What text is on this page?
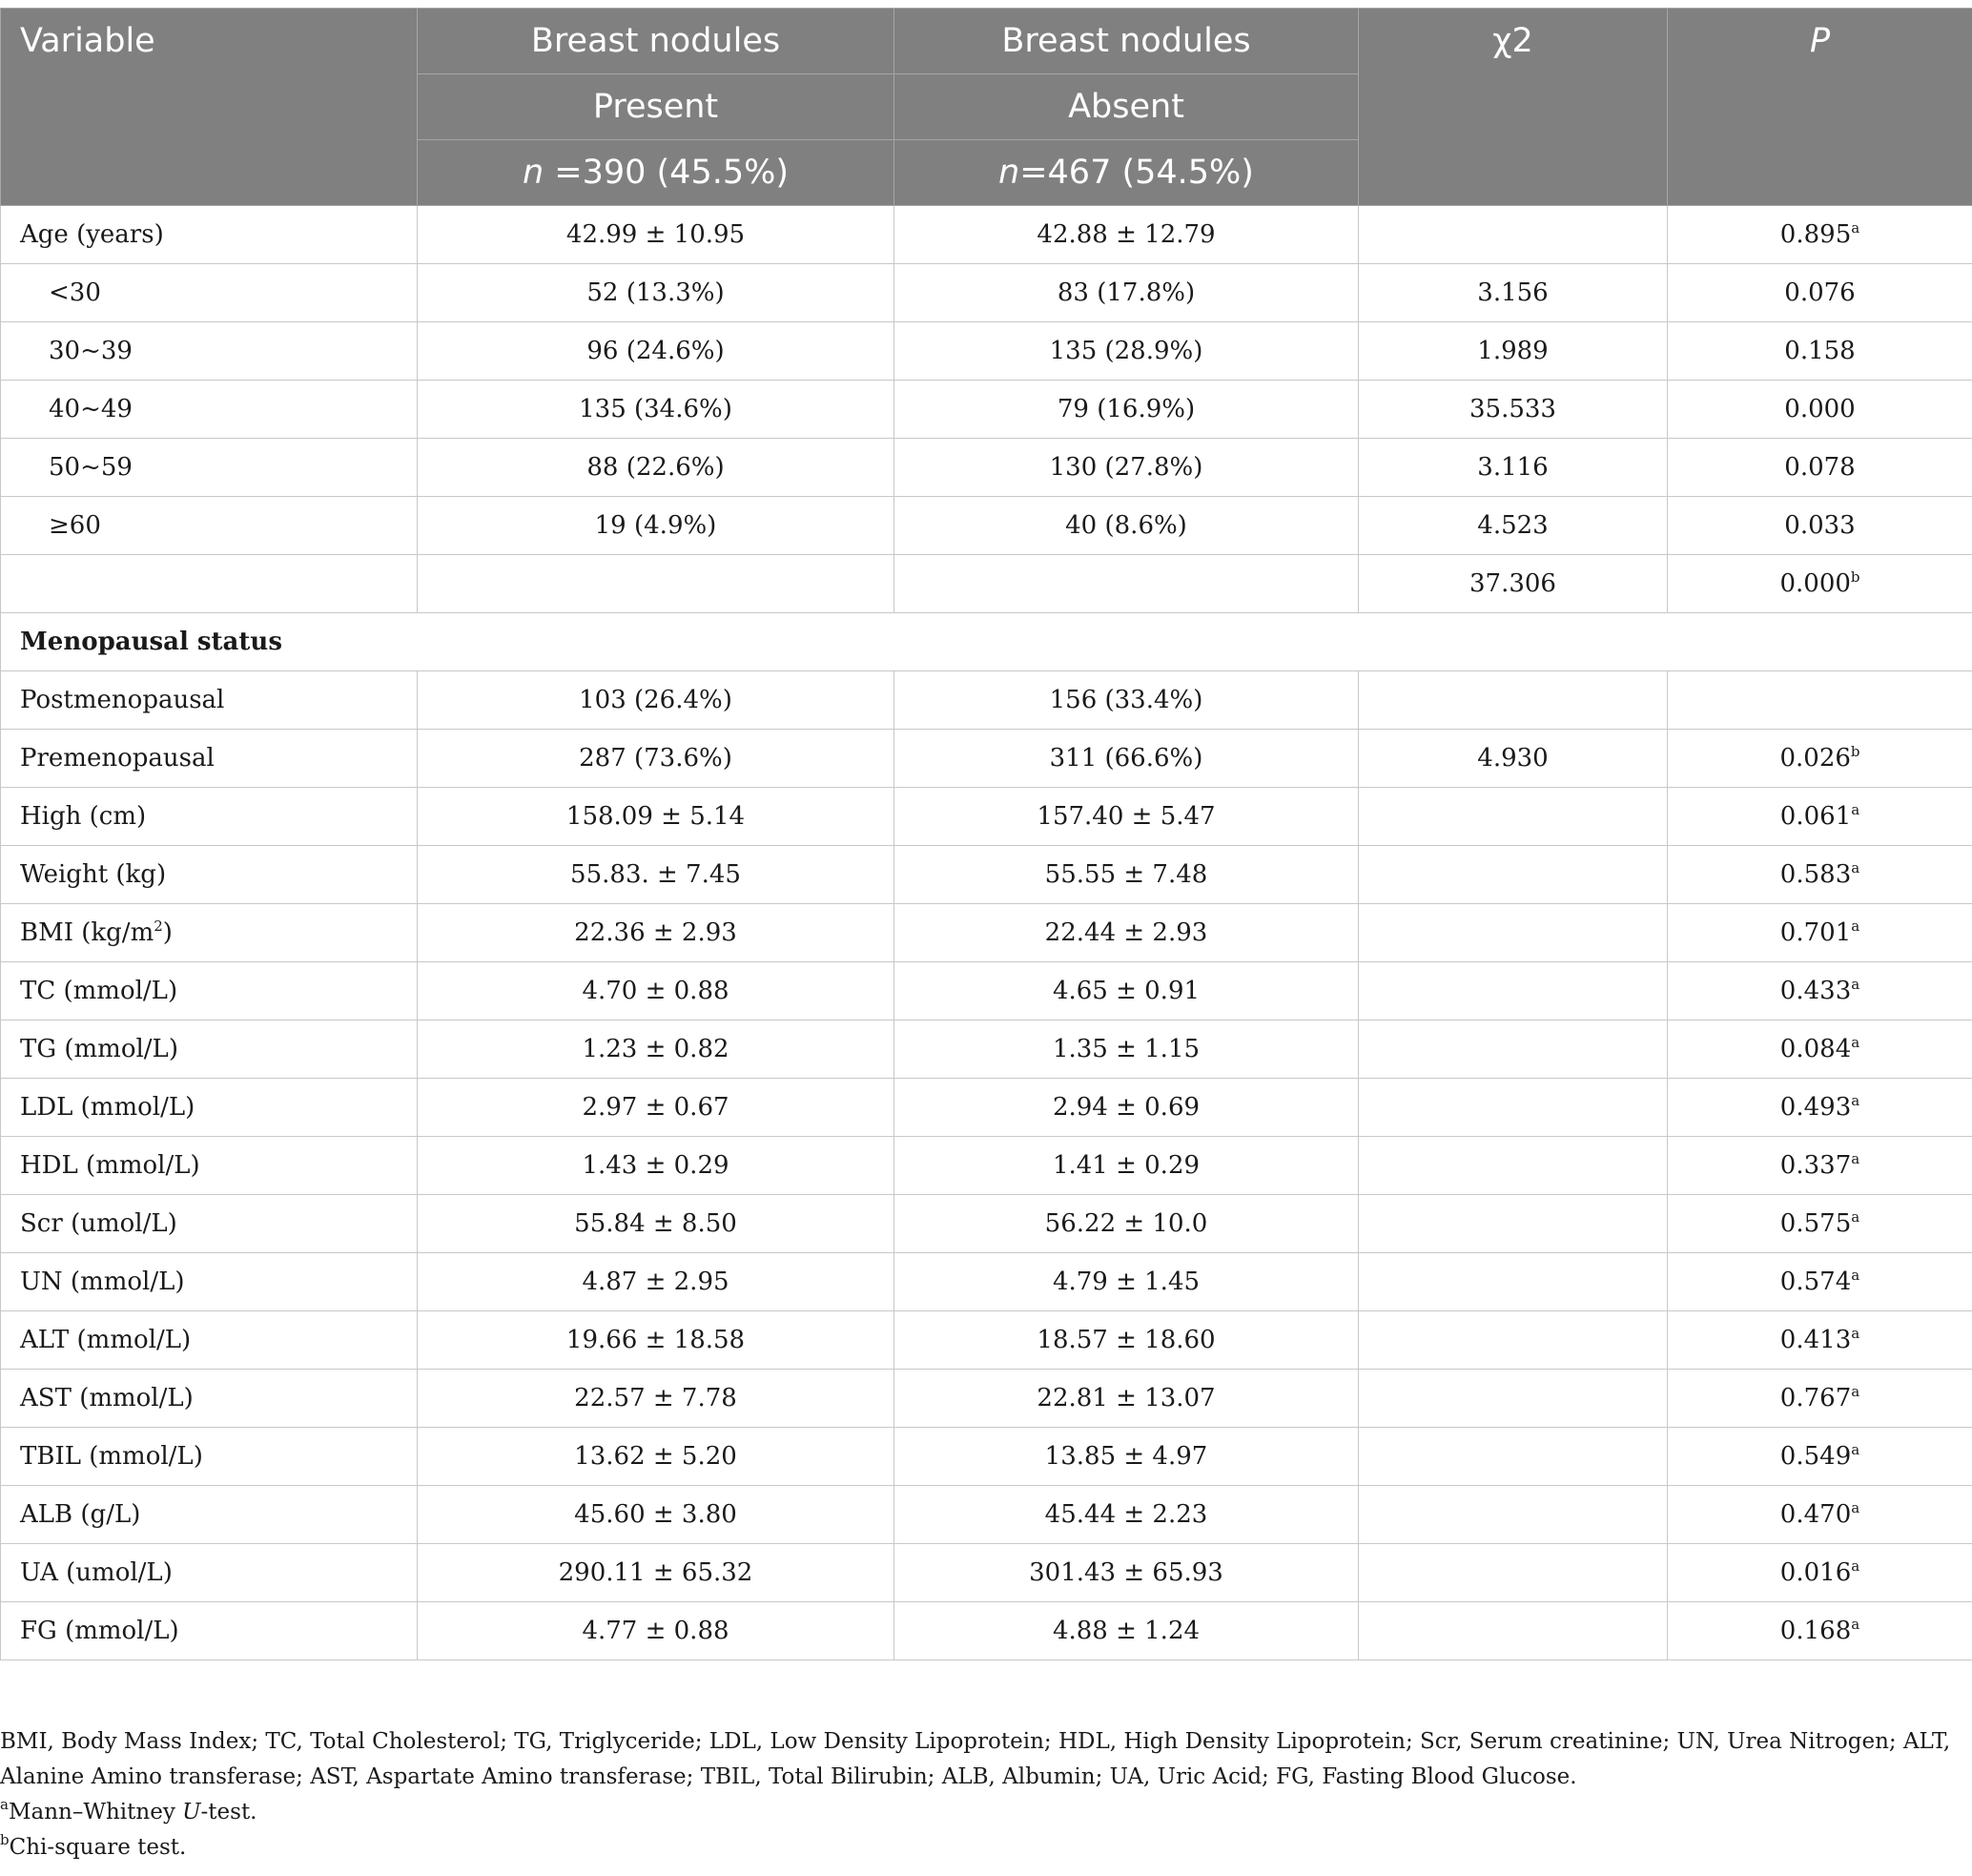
Variable	Breast nodules	Breast nodules	χ2	P
	Present	Absent		
	n =390 (45.5%)	n=467 (54.5%)		
Age (years)	42.99 ± 10.95	42.88 ± 12.79		0.895$^a$
<30	52 (13.3%)	83 (17.8%)	3.156	0.076
30~39	96 (24.6%)	135 (28.9%)	1.989	0.158
40~49	135 (34.6%)	79 (16.9%)	35.533	0.000
50~59	88 (22.6%)	130 (27.8%)	3.116	0.078
≥60	19 (4.9%)	40 (8.6%)	4.523	0.033
			37.306	0.000$^b$
Menopausal status				
Postmenopausal	103 (26.4%)	156 (33.4%)		
Premenopausal	287 (73.6%)	311 (66.6%)	4.930	0.026$^b$
High (cm)	158.09 ± 5.14	157.40 ± 5.47		0.061$^a$
Weight (kg)	55.83. ± 7.45	55.55 ± 7.48		0.583$^a$
BMI $(kg/m^2)$	22.36 ± 2.93	22.44 ± 2.93		0.701$^a$
TC (mmol/L)	4.70 ± 0.88	4.65 ± 0.91		0.433$^a$
TG (mmol/L)	1.23 ± 0.82	1.35 ± 1.15		0.084$^a$
LDL (mmol/L)	2.97 ± 0.67	2.94 ± 0.69		0.493$^a$
HDL (mmol/L)	1.43 ± 0.29	1.41 ± 0.29		0.337$^a$
Scr (umol/L)	55.84 ± 8.50	56.22 ± 10.0		0.575$^a$
UN (mmol/L)	4.87 ± 2.95	4.79 ± 1.45		0.574$^a$
ALT (mmol/L)	19.66 ± 18.58	18.57 ± 18.60		0.413$^a$
AST (mmol/L)	22.57 ± 7.78	22.81 ± 13.07		0.767$^a$
TBIL (mmol/L)	13.62 ± 5.20	13.85 ± 4.97		0.549$^a$
ALB (g/L)	45.60 ± 3.80	45.44 ± 2.23		0.470$^a$
UA (umol/L)	290.11 ± 65.32	301.43 ± 65.93		0.016$^a$
FG (mmol/L)	4.77 ± 0.88	4.88 ± 1.24		0.168$^a$

BMI, Body Mass Index; TC, Total Cholesterol; TG, Triglyceride; LDL, Low Density Lipoprotein; HDL, High Density Lipoprotein; Scr, Serum creatinine; UN, Urea Nitrogen; ALT, Alanine Amino transferase; AST, Aspartate Amino transferase; TBIL, Total Bilirubin; ALB, Albumin; UA, Uric Acid; FG, Fasting Blood Glucose.

$^a$Mann–Whitney U-test.

$^b$Chi-square test.
